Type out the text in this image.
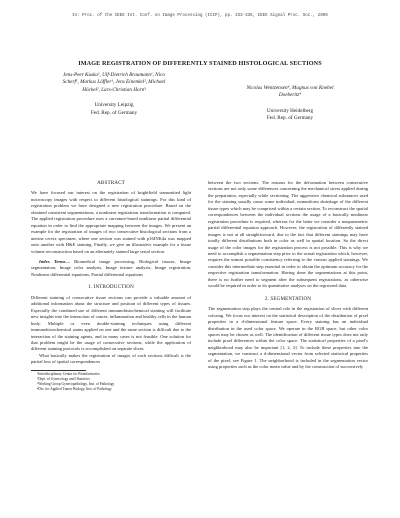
In: Proc. of the IEEE Int. Conf. on Image Processing (ICIP), pp. 333-336, IEEE Signal Proc. Soc., 2006
IMAGE REGISTRATION OF DIFFERENTLY STAINED HISTOLOGICAL SECTIONS
Jens-Peer Kuska¹, Ulf-Dietrich Braumann¹, Nico
Scherf¹, Markus Löffler¹, Jens Einenkel², Michael
Höckel², Lars-Christian Horn³
University Leipzig
Fed. Rep. of Germany
Nicolas Wentzensen⁴, Magnus von Knebel
Doeberitz⁴
University Heidelberg
Fed. Rep. of Germany
ABSTRACT

We have focused our interest on the registration of brightfield transmitted light microscopy images with respect to different histological stainings. For this kind of registration problem we have designed a new registration procedure. Based on the obtained consistent segmentations, a nonlinear registration transformation is computed. The applied registration procedure uses a curvature-based nonlinear partial differential equation in order to find the appropriate mapping between the images. We present an example for the registration of images of two consecutive histological sections from a uterine cervix specimen, where one section was stained with p16INK4a was mapped onto another with H&E staining. Finally, we give an illustrative example for a tissue volume reconstruction based on an alternately stained large serial section.

Index Terms— Biomedical image processing, Biological tissues, Image segmentation, Image color analysis, Image texture analysis, Image registration, Nonlinear differential equations, Partial differential equations

1. INTRODUCTION

Different staining of consecutive tissue sections can provide a valuable amount of additional information about the structure and position of different types of tissues. Especially the combined use of different immunohistochemical staining will facilitate new insights into the interaction of cancer, inflammation and healthy cells in the human body. Multiple or even double-staining techniques using different immunohistochemical stains applied on one and the same section is difficult due to the interaction of the staining agents, and in many cases is not feasible. One solution for that problem might be the usage of consecutive sections, while the application of different staining protocols is accomplished on separate slices.

What basically makes the registration of images of such sections difficult is the partial loss of spatial correspondences

¹Interdisciplinary Center for Bioinformatics

²Dept. of Gynecology and Obstetrics

³Working Group Gynecopathology, Inst. of Pathology

⁴Div. for Applied Tumor Biology, Inst. of Pathology

between the two sections. The reasons for the deformation between consecutive sections are not only some differences concerning the mechanical stress applied during the preparation, especially while sectioning. The aggressive chemical substances used for the staining usually cause some individual, nonuniform shrinkage of the different tissue types which may be comprised within a certain section. To reconstruct the spatial correspondences between the individual sections the usage of a basically nonlinear registration procedure is required, whereas for the latter we consider a nonparametric partial differential equation approach. However, the registration of differently stained images is not at all straightforward, due to the fact that different stainings may have totally different distributions both in color as well in spatial location. So the direct usage of the color images for the registration process is not possible. This is why we need to accomplish a segmentation step prior to the actual registration which, however, requires the utmost possible consistency referring to the various applied stainings. We consider this intermediate step essential in order to obtain the optimum accuracy for the respective registration transformation. Having done the segmentations at this point, there is no further need to segment after the subsequent registrations, as otherwise would be required in order to do quantitative analyses on the registered data.

2. SEGMENTATION

The segmentation step plays the central role in the registration of slices with different coloring. We focus our interest on the statistical description of the distribution of pixel properties in a d-dimensional feature space. Every staining has an individual distribution in the used color space. We operate in the RGB space, but other color spaces may be chosen as well. The identification of different tissue types does not only include pixel differences within the color space. The statistical properties of a pixel's neighborhood may also be important [1, 2, 3]. To include these properties into the segmentation, we construct a d-dimensional vector from selected statistical properties of the pixel, see Figure 1. The neighborhood is included in the segmentation vector using properties such as the color mean value and by the construction of successively
